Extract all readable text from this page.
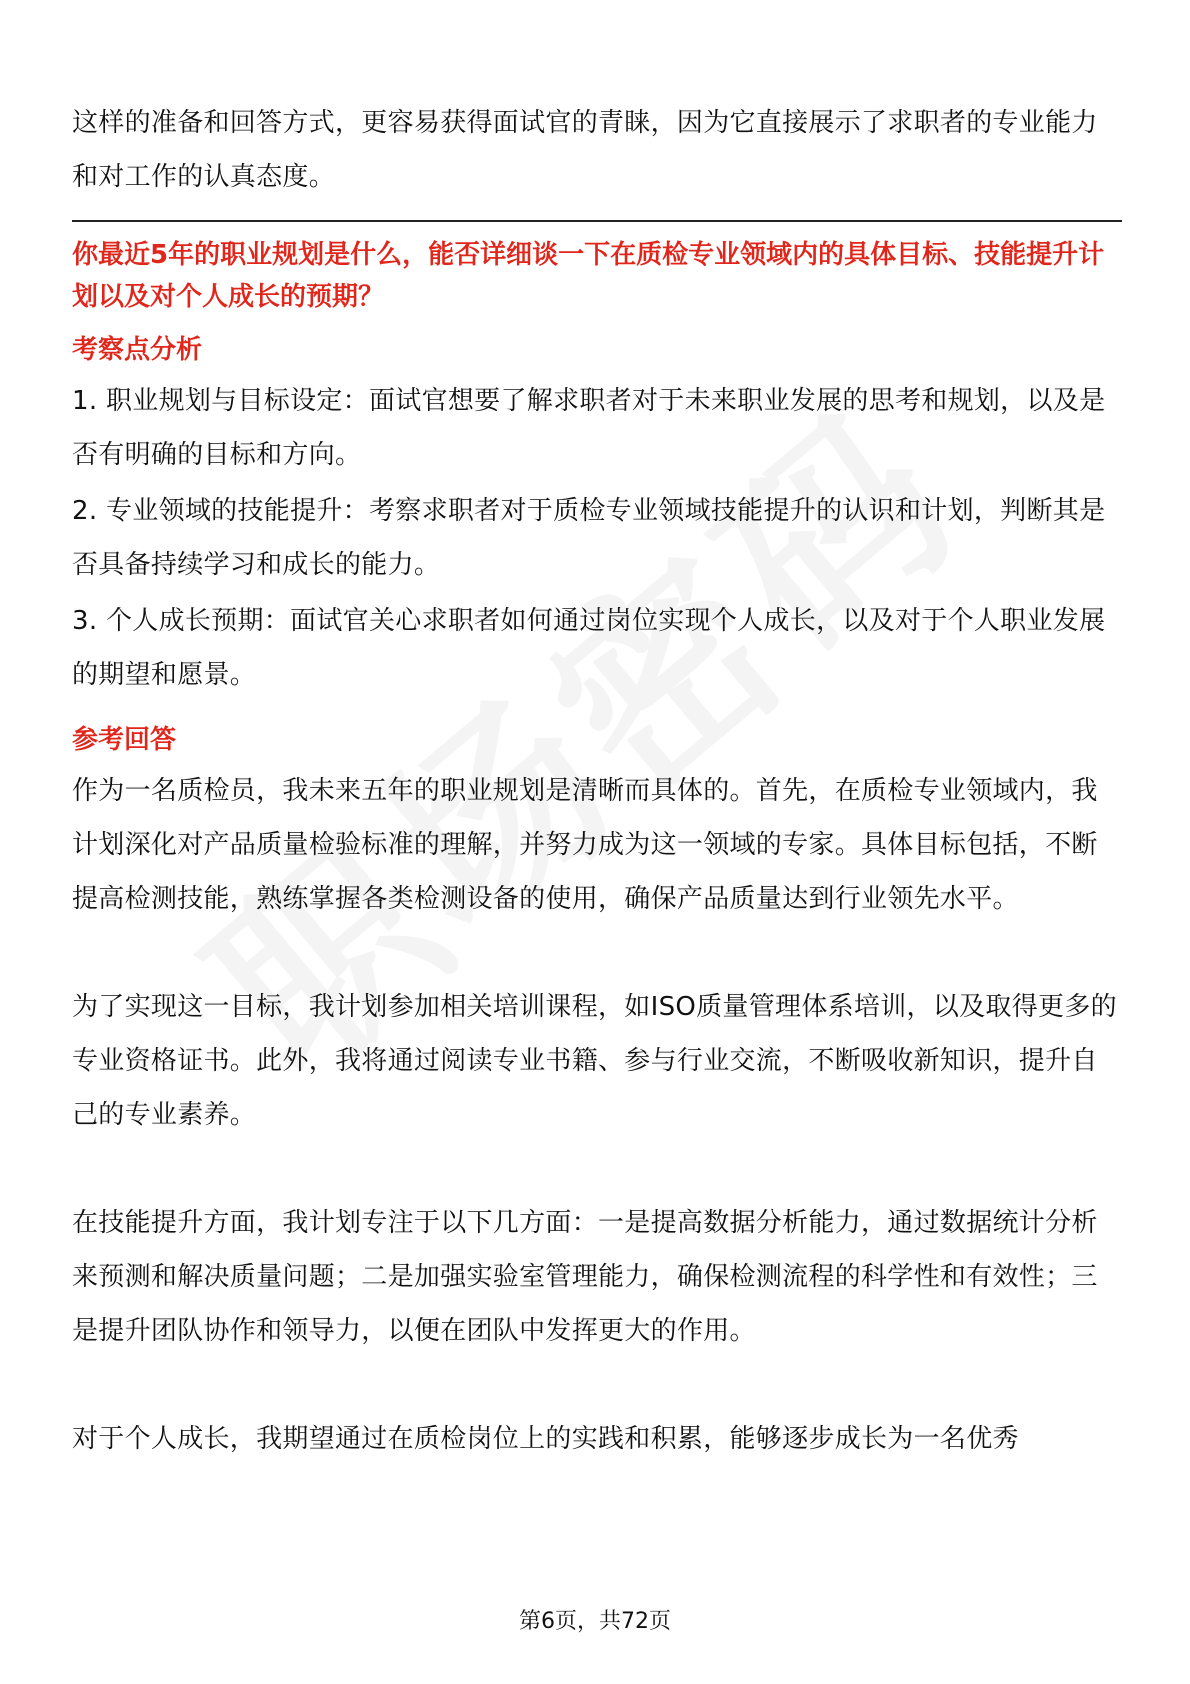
这样的准备和回答方式，更容易获得面试官的青睐，因为它直接展示了求职者的专业能力和对工作的认真态度。

你最近5年的职业规划是什么，能否详细谈一下在质检专业领域内的具体目标、技能提升计划以及对个人成长的预期？
考察点分析

1. 职业规划与目标设定：面试官想要了解求职者对于未来职业发展的思考和规划，以及是否有明确的目标和方向。

2. 专业领域的技能提升：考察求职者对于质检专业领域技能提升的认识和计划，判断其是否具备持续学习和成长的能力。

3. 个人成长预期：面试官关心求职者如何通过岗位实现个人成长，以及对于个人职业发展的期望和愿景。

参考回答

作为一名质检员，我未来五年的职业规划是清晰而具体的。首先，在质检专业领域内，我计划深化对产品质量检验标准的理解，并努力成为这一领域的专家。具体目标包括，不断提高检测技能，熟练掌握各类检测设备的使用，确保产品质量达到行业领先水平。

为了实现这一目标，我计划参加相关培训课程，如ISO质量管理体系培训，以及取得更多的专业资格证书。此外，我将通过阅读专业书籍、参与行业交流，不断吸收新知识，提升自己的专业素养。

在技能提升方面，我计划专注于以下几方面：一是提高数据分析能力，通过数据统计分析来预测和解决质量问题；二是加强实验室管理能力，确保检测流程的科学性和有效性；三是提升团队协作和领导力，以便在团队中发挥更大的作用。

对于个人成长，我期望通过在质检岗位上的实践和积累，能够逐步成长为一名优秀

第6页，共72页
